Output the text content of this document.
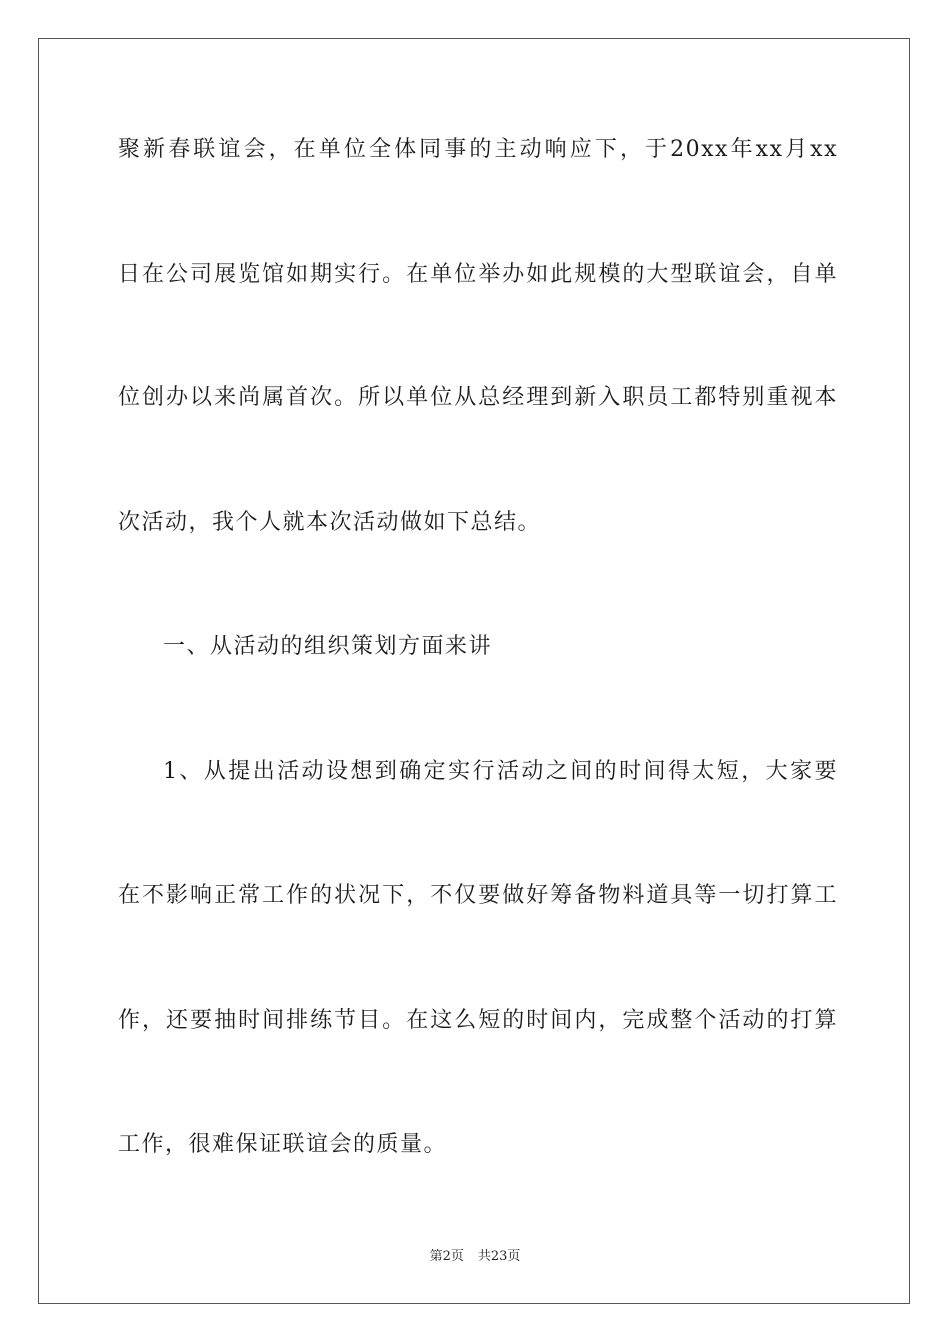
聚新春联谊会，在单位全体同事的主动响应下，于20xx年xx月xx
日在公司展览馆如期实行。在单位举办如此规模的大型联谊会，自单
位创办以来尚属首次。所以单位从总经理到新入职员工都特别重视本
次活动，我个人就本次活动做如下总结。
一、从活动的组织策划方面来讲
1、从提出活动设想到确定实行活动之间的时间得太短，大家要
在不影响正常工作的状况下，不仅要做好筹备物料道具等一切打算工
作，还要抽时间排练节目。在这么短的时间内，完成整个活动的打算
工作，很难保证联谊会的质量。
第2页 共23页
